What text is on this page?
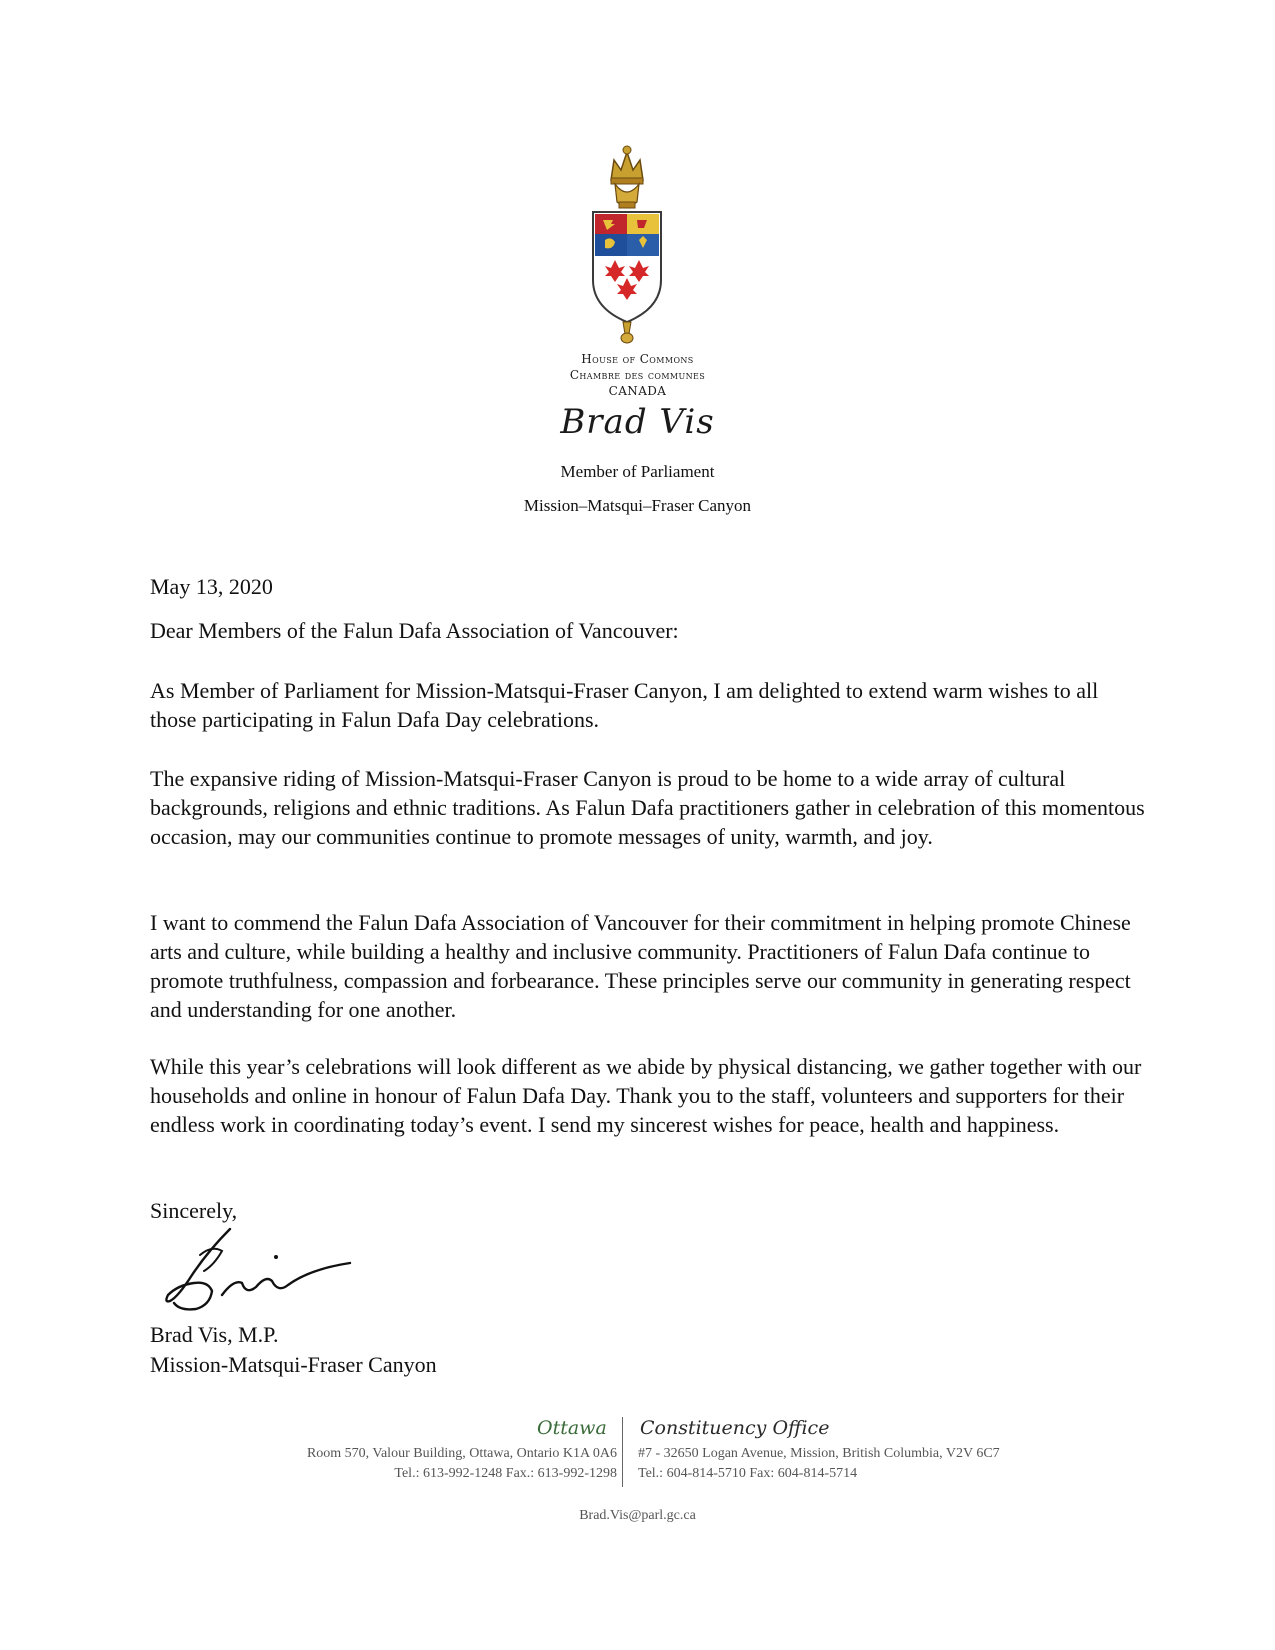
House of Commons
Chambre des communes
CANADA
Brad Vis
Member of Parliament
Mission–Matsqui–Fraser Canyon
May 13, 2020
Dear Members of the Falun Dafa Association of Vancouver:
As Member of Parliament for Mission-Matsqui-Fraser Canyon, I am delighted to extend warm wishes to all those participating in Falun Dafa Day celebrations.
The expansive riding of Mission-Matsqui-Fraser Canyon is proud to be home to a wide array of cultural backgrounds, religions and ethnic traditions. As Falun Dafa practitioners gather in celebration of this momentous occasion, may our communities continue to promote messages of unity, warmth, and joy.
I want to commend the Falun Dafa Association of Vancouver for their commitment in helping promote Chinese arts and culture, while building a healthy and inclusive community. Practitioners of Falun Dafa continue to promote truthfulness, compassion and forbearance. These principles serve our community in generating respect and understanding for one another.
While this year’s celebrations will look different as we abide by physical distancing, we gather together with our households and online in honour of Falun Dafa Day. Thank you to the staff, volunteers and supporters for their endless work in coordinating today’s event. I send my sincerest wishes for peace, health and happiness.
Sincerely,
Brad Vis, M.P.
Mission-Matsqui-Fraser Canyon
Ottawa Constituency Office
Room 570, Valour Building, Ottawa, Ontario K1A 0A6
Tel.: 613-992-1248 Fax.: 613-992-1298
#7 - 32650 Logan Avenue, Mission, British Columbia, V2V 6C7
Tel.: 604-814-5710 Fax: 604-814-5714
Brad.Vis@parl.gc.ca
